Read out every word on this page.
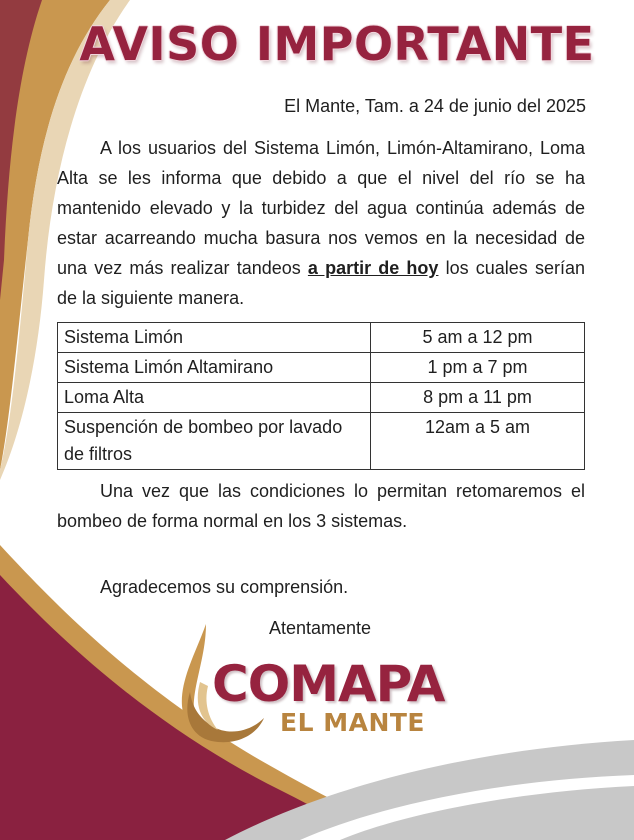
AVISO IMPORTANTE
El Mante, Tam. a 24 de junio del 2025

A los usuarios del Sistema Limón, Limón-Altamirano, Loma Alta se les informa que debido a que el nivel del río se ha mantenido elevado y la turbidez del agua continúa además de estar acarreando mucha basura nos vemos en la necesidad de una vez más realizar tandeos a partir de hoy los cuales serían de la siguiente manera.

Sistema Limón	5 am a 12 pm
Sistema Limón Altamirano	1 pm a 7 pm
Loma Alta	8 pm a 11 pm
Suspención de bombeo por lavado de filtros	12am a 5 am

Una vez que las condiciones lo permitan retomaremos el bombeo de forma normal en los 3 sistemas.

Agradecemos su comprensión.
Atentamente
COMAPA
EL MANTE
